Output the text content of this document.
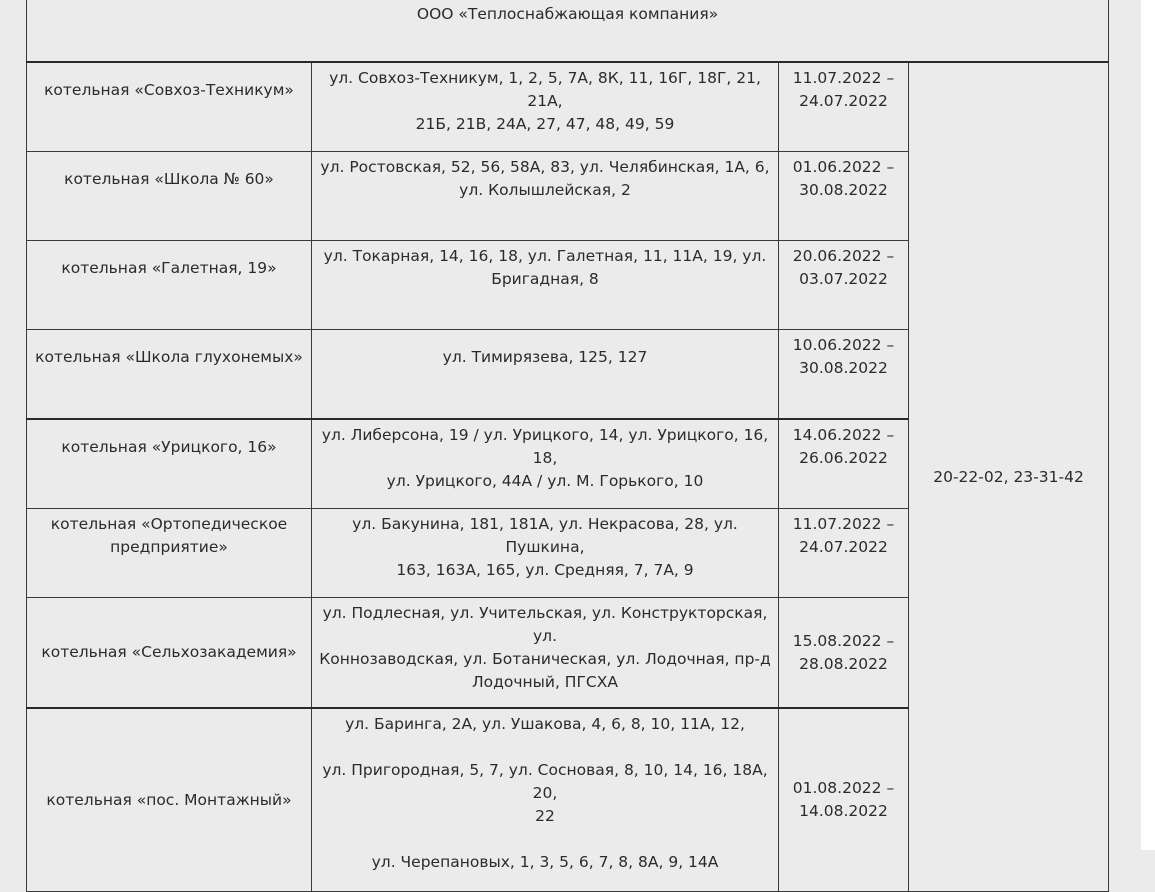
ООО «Теплоснабжающая компания»			

котельная «Совхоз-Техникум»	ул. Совхоз-Техникум, 1, 2, 5, 7А, 8К, 11, 16Г, 18Г, 21, 21А,
21Б, 21В, 24А, 27, 47, 48, 49, 59	11.07.2022 –
24.07.2022	20-22-02, 23-31-42

котельная «Школа № 60»	ул. Ростовская, 52, 56, 58А, 83, ул. Челябинская, 1А, 6,
ул. Колышлейская, 2	01.06.2022 –
30.08.2022	

котельная «Галетная, 19»	ул. Токарная, 14, 16, 18, ул. Галетная, 11, 11А, 19, ул.
Бригадная, 8	20.06.2022 –
03.07.2022	

котельная «Школа глухонемых»	ул. Тимирязева, 125, 127	10.06.2022 –
30.08.2022	

котельная «Урицкого, 16»	ул. Либерсона, 19 / ул. Урицкого, 14, ул. Урицкого, 16, 18,
ул. Урицкого, 44А / ул. М. Горького, 10	14.06.2022 –
26.06.2022	

котельная «Ортопедическое
предприятие»	ул. Бакунина, 181, 181А, ул. Некрасова, 28, ул. Пушкина,
163, 163А, 165, ул. Средняя, 7, 7А, 9	11.07.2022 –
24.07.2022	

котельная «Сельхозакадемия»	ул. Подлесная, ул. Учительская, ул. Конструкторская, ул.
Коннозаводская, ул. Ботаническая, ул. Лодочная, пр-д
Лодочный, ПГСХА	15.08.2022 –
28.08.2022	

котельная «пос. Монтажный»	ул. Баринга, 2А, ул. Ушакова, 4, 6, 8, 10, 11А, 12,
ул. Пригородная, 5, 7, ул. Сосновая, 8, 10, 14, 16, 18А, 20,
22
ул. Черепановых, 1, 3, 5, 6, 7, 8, 8А, 9, 14А	01.08.2022 –
14.08.2022	
